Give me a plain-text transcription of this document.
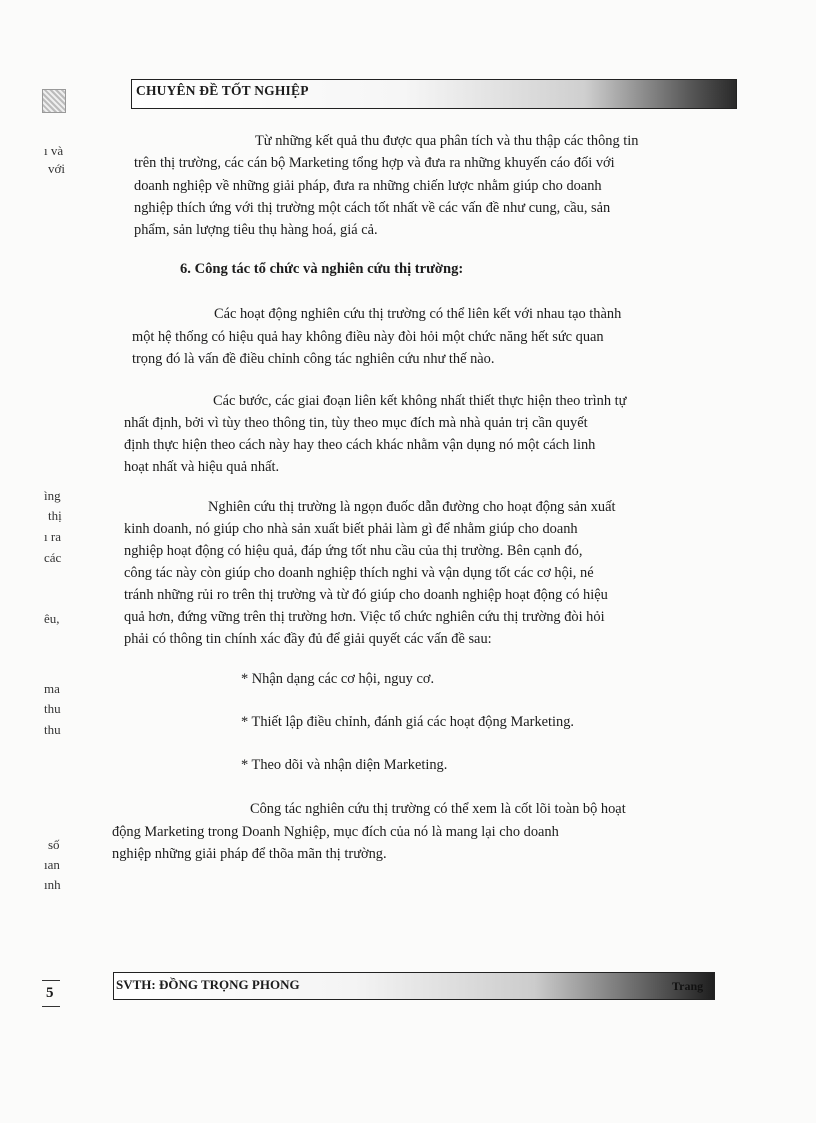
ı và
với
ìng
thị
ı ra
các
êu,
ma
thu
thu
số
ıan
ınh
CHUYÊN ĐỀ TỐT NGHIỆP
Từ những kết quả thu được qua phân tích và thu thập các thông tin
trên thị trường, các cán bộ Marketing tổng hợp và đưa ra những khuyến cáo đối với
doanh nghiệp về những giải pháp, đưa ra những chiến lược nhằm giúp cho doanh
nghiệp thích ứng với thị trường một cách tốt nhất về các vấn đề như cung, cầu, sản
phẩm, sản lượng tiêu thụ hàng hoá, giá cả.
6. Công tác tổ chức và nghiên cứu thị trường:
Các hoạt động nghiên cứu thị trường có thể liên kết với nhau tạo thành
một hệ thống có hiệu quả hay không điều này đòi hỏi một chức năng hết sức quan
trọng đó là vấn đề điều chỉnh công tác nghiên cứu như thế nào.
Các bước, các giai đoạn liên kết không nhất thiết thực hiện theo trình tự
nhất định, bởi vì tùy theo thông tin, tùy theo mục đích mà nhà quản trị cần quyết
định thực hiện theo cách này hay theo cách khác nhằm vận dụng nó một cách linh
hoạt nhất và hiệu quả nhất.
Nghiên cứu thị trường là ngọn đuốc dẫn đường cho hoạt động sản xuất
kinh doanh, nó giúp cho nhà sản xuất biết phải làm gì để nhằm giúp cho doanh
nghiệp hoạt động có hiệu quả, đáp ứng tốt nhu cầu của thị trường. Bên cạnh đó,
công tác này còn giúp cho doanh nghiệp thích nghi và vận dụng tốt các cơ hội, né
tránh những rủi ro trên thị trường và từ đó giúp cho doanh nghiệp hoạt động có hiệu
quả hơn, đứng vững trên thị trường hơn. Việc tổ chức nghiên cứu thị trường đòi hỏi
phải có thông tin chính xác đầy đủ để giải quyết các vấn đề sau:
* Nhận dạng các cơ hội, nguy cơ.
* Thiết lập điều chỉnh, đánh giá các hoạt động Marketing.
* Theo dõi và nhận diện Marketing.
Công tác nghiên cứu thị trường có thể xem là cốt lõi toàn bộ hoạt
động Marketing trong Doanh Nghiệp, mục đích của nó là mang lại cho doanh
nghiệp những giải pháp để thõa mãn thị trường.
5
SVTH: ĐỒNG TRỌNG PHONG	Trang
